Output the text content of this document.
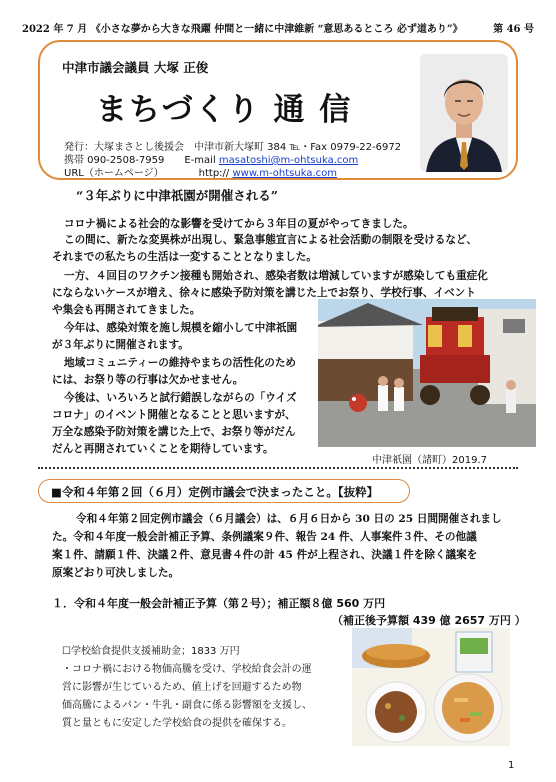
2022 年 7 月 《小さな夢から大きな飛躍 仲間と一緒に中津維新 “意思あるところ 必ず道あり”》	第 46 号
中津市議会議員 大塚 正俊
まちづくり 通 信
発行：大塚まさとし後援会　中津市新大塚町 384 ℡・Fax 0979-22-6972
携帯 090-2508-7959　　E-mail masatoshi@m-ohtsuka.com
URL（ホームページ）　　　　http:// www.m-ohtsuka.com
“３年ぶりに中津祇園が開催される”
コロナ禍による社会的な影響を受けてから３年目の夏がやってきました。
この間に、新たな変異株が出現し、緊急事態宣言による社会活動の制限を受けるなど、
それまでの私たちの生活は一変することとなりました。
一方、４回目のワクチン接種も開始され、感染者数は増減していますが感染しても重症化
にならないケースが増え、徐々に感染予防対策を講じた上でお祭り、学校行事、イベント
や集会も再開されてきました。
今年は、感染対策を施し規模を縮小して中津祇園
が３年ぶりに開催されます。
地域コミュニティーの維持やまちの活性化のため
には、お祭り等の行事は欠かせません。
今後は、いろいろと試行錯誤しながらの「ウイズ
コロナ」のイベント開催となることと思いますが、
万全な感染予防対策を講じた上で、お祭り等がだん
だんと再開されていくことを期待しています。
中津祇園（諸町）2019.7
■令和４年第２回（６月）定例市議会で決まったこと。【抜粋】
令和４年第２回定例市議会（６月議会）は、６月６日から 30 日の 25 日間開催されまし
た。令和４年度一般会計補正予算、条例議案９件、報告 24 件、人事案件３件、その他議
案１件、請願１件、決議２件、意見書４件の計 45 件が上程され、決議１件を除く議案を
原案どおり可決しました。
１．令和４年度一般会計補正予算（第２号）；補正額８億 560 万円
（補正後予算額 439 億 2657 万円 ）
☐学校給食提供支援補助金；1833 万円
・コロナ禍における物価高騰を受け、学校給食会計の運
営に影響が生じているため、値上げを回避するため物
価高騰によるパン・牛乳・副食に係る影響額を支援し、
質と量ともに安定した学校給食の提供を確保する。
1
